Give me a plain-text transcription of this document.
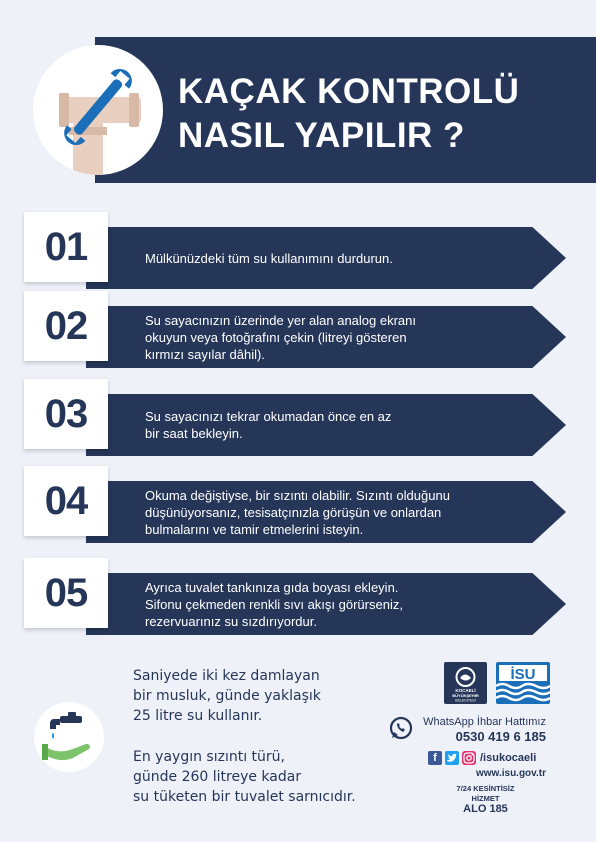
KAÇAK KONTROLÜ
NASIL YAPILIR ?
01	Mülkünüzdeki tüm su kullanımını durdurun.
02	Su sayacınızın üzerinde yer alan analog ekranı
okuyun veya fotoğrafını çekin (litreyi gösteren
kırmızı sayılar dâhil).
03	Su sayacınızı tekrar okumadan önce en az
bir saat bekleyin.
04	Okuma değiştiyse, bir sızıntı olabilir. Sızıntı olduğunu
düşünüyorsanız, tesisatçınızla görüşün ve onlardan
bulmalarını ve tamir etmelerini isteyin.
05	Ayrıca tuvalet tankınıza gıda boyası ekleyin.
Sifonu çekmeden renkli sıvı akışı görürseniz,
rezervuarınız su sızdırıyordur.
Saniyede iki kez damlayan
bir musluk, günde yaklaşık
25 litre su kullanır.
En yaygın sızıntı türü,
günde 260 litreye kadar
su tüketen bir tuvalet sarnıcıdır.
KOCAELİ
BÜYÜKŞEHİR
BELEDİYESİ
İSU
WhatsApp İhbar Hattımız
0530 419 6 185
f	/isukocaeli
www.isu.gov.tr
7/24 KESİNTİSİZ
HİZMET
ALO 185
